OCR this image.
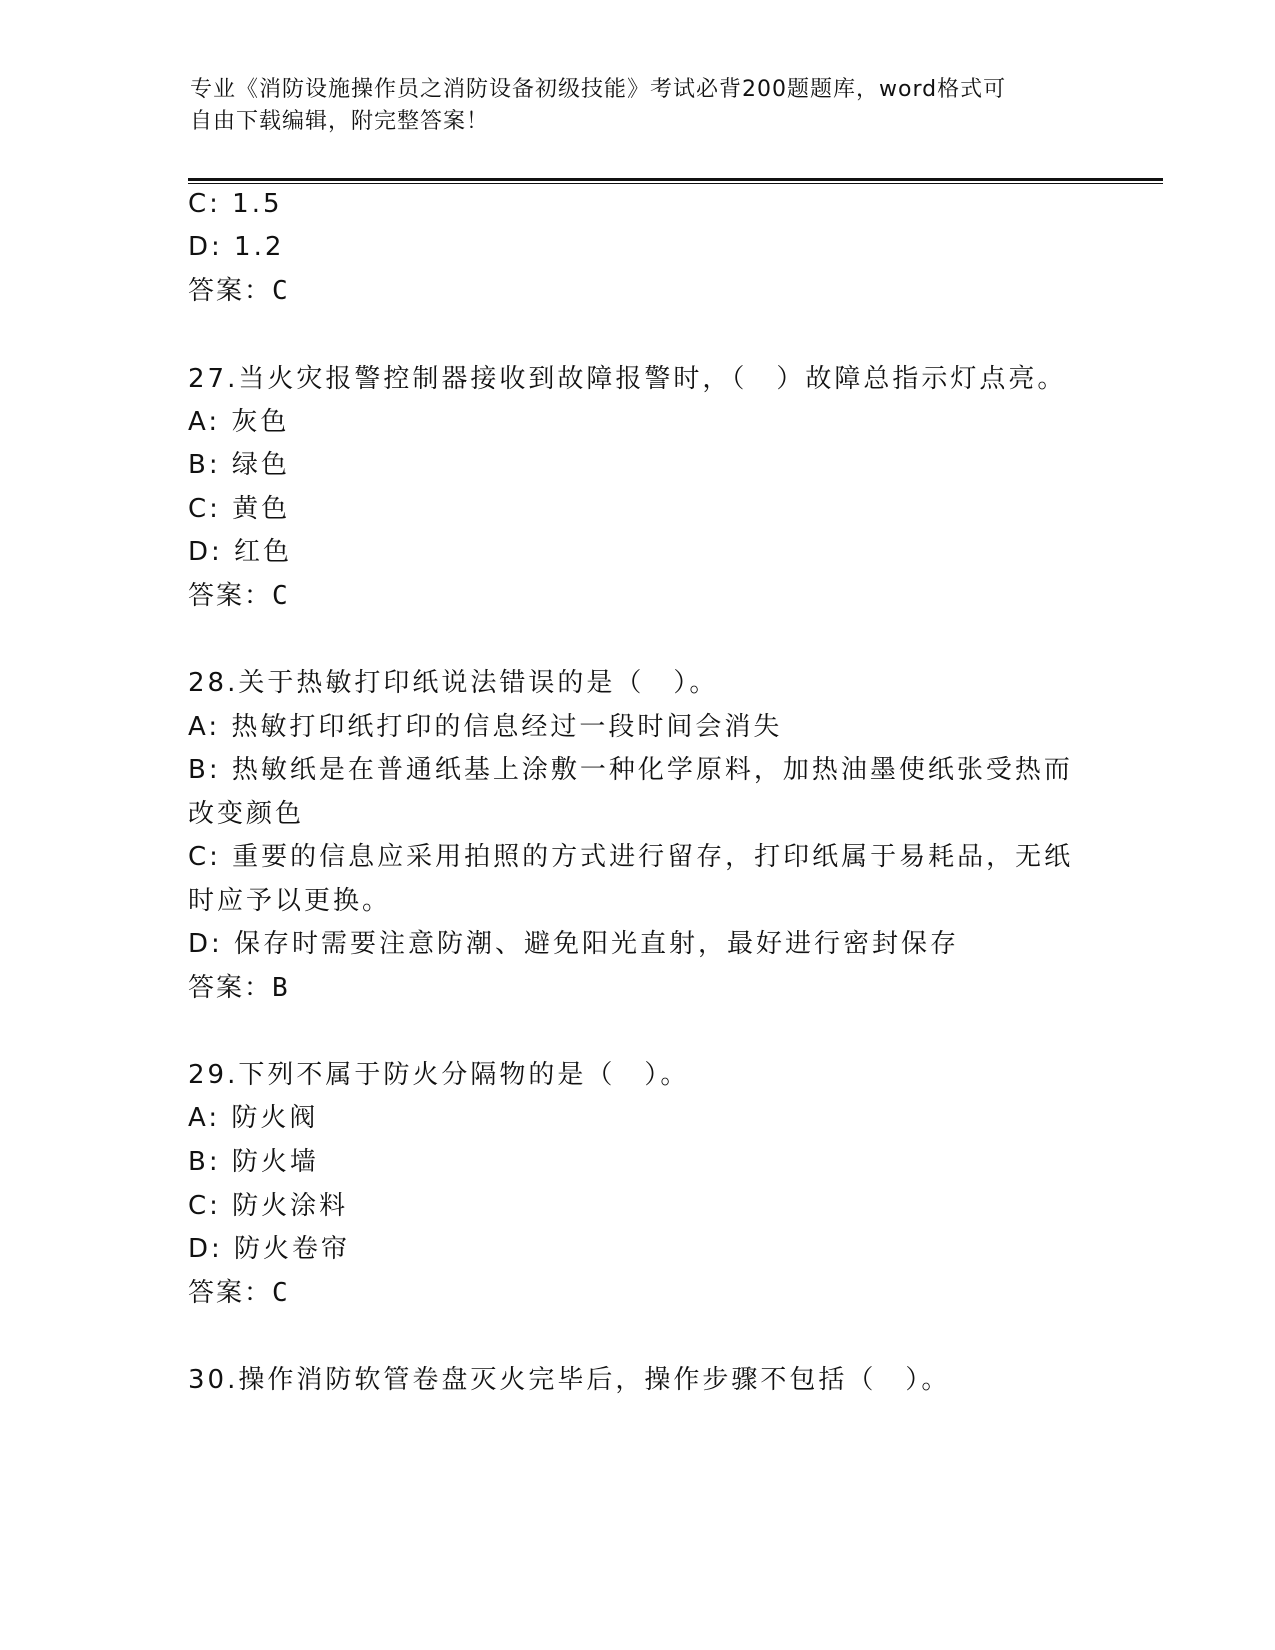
专业《消防设施操作员之消防设备初级技能》考试必背200题题库，word格式可
自由下载编辑，附完整答案！
C: 1.5
D: 1.2
答案：C
27.当火灾报警控制器接收到故障报警时，（　）故障总指示灯点亮。
A: 灰色
B: 绿色
C: 黄色
D: 红色
答案：C
28.关于热敏打印纸说法错误的是（　）。
A: 热敏打印纸打印的信息经过一段时间会消失
B: 热敏纸是在普通纸基上涂敷一种化学原料，加热油墨使纸张受热而
改变颜色
C: 重要的信息应采用拍照的方式进行留存，打印纸属于易耗品，无纸
时应予以更换。
D: 保存时需要注意防潮、避免阳光直射，最好进行密封保存
答案：B
29.下列不属于防火分隔物的是（　）。
A: 防火阀
B: 防火墙
C: 防火涂料
D: 防火卷帘
答案：C
30.操作消防软管卷盘灭火完毕后，操作步骤不包括（　）。
